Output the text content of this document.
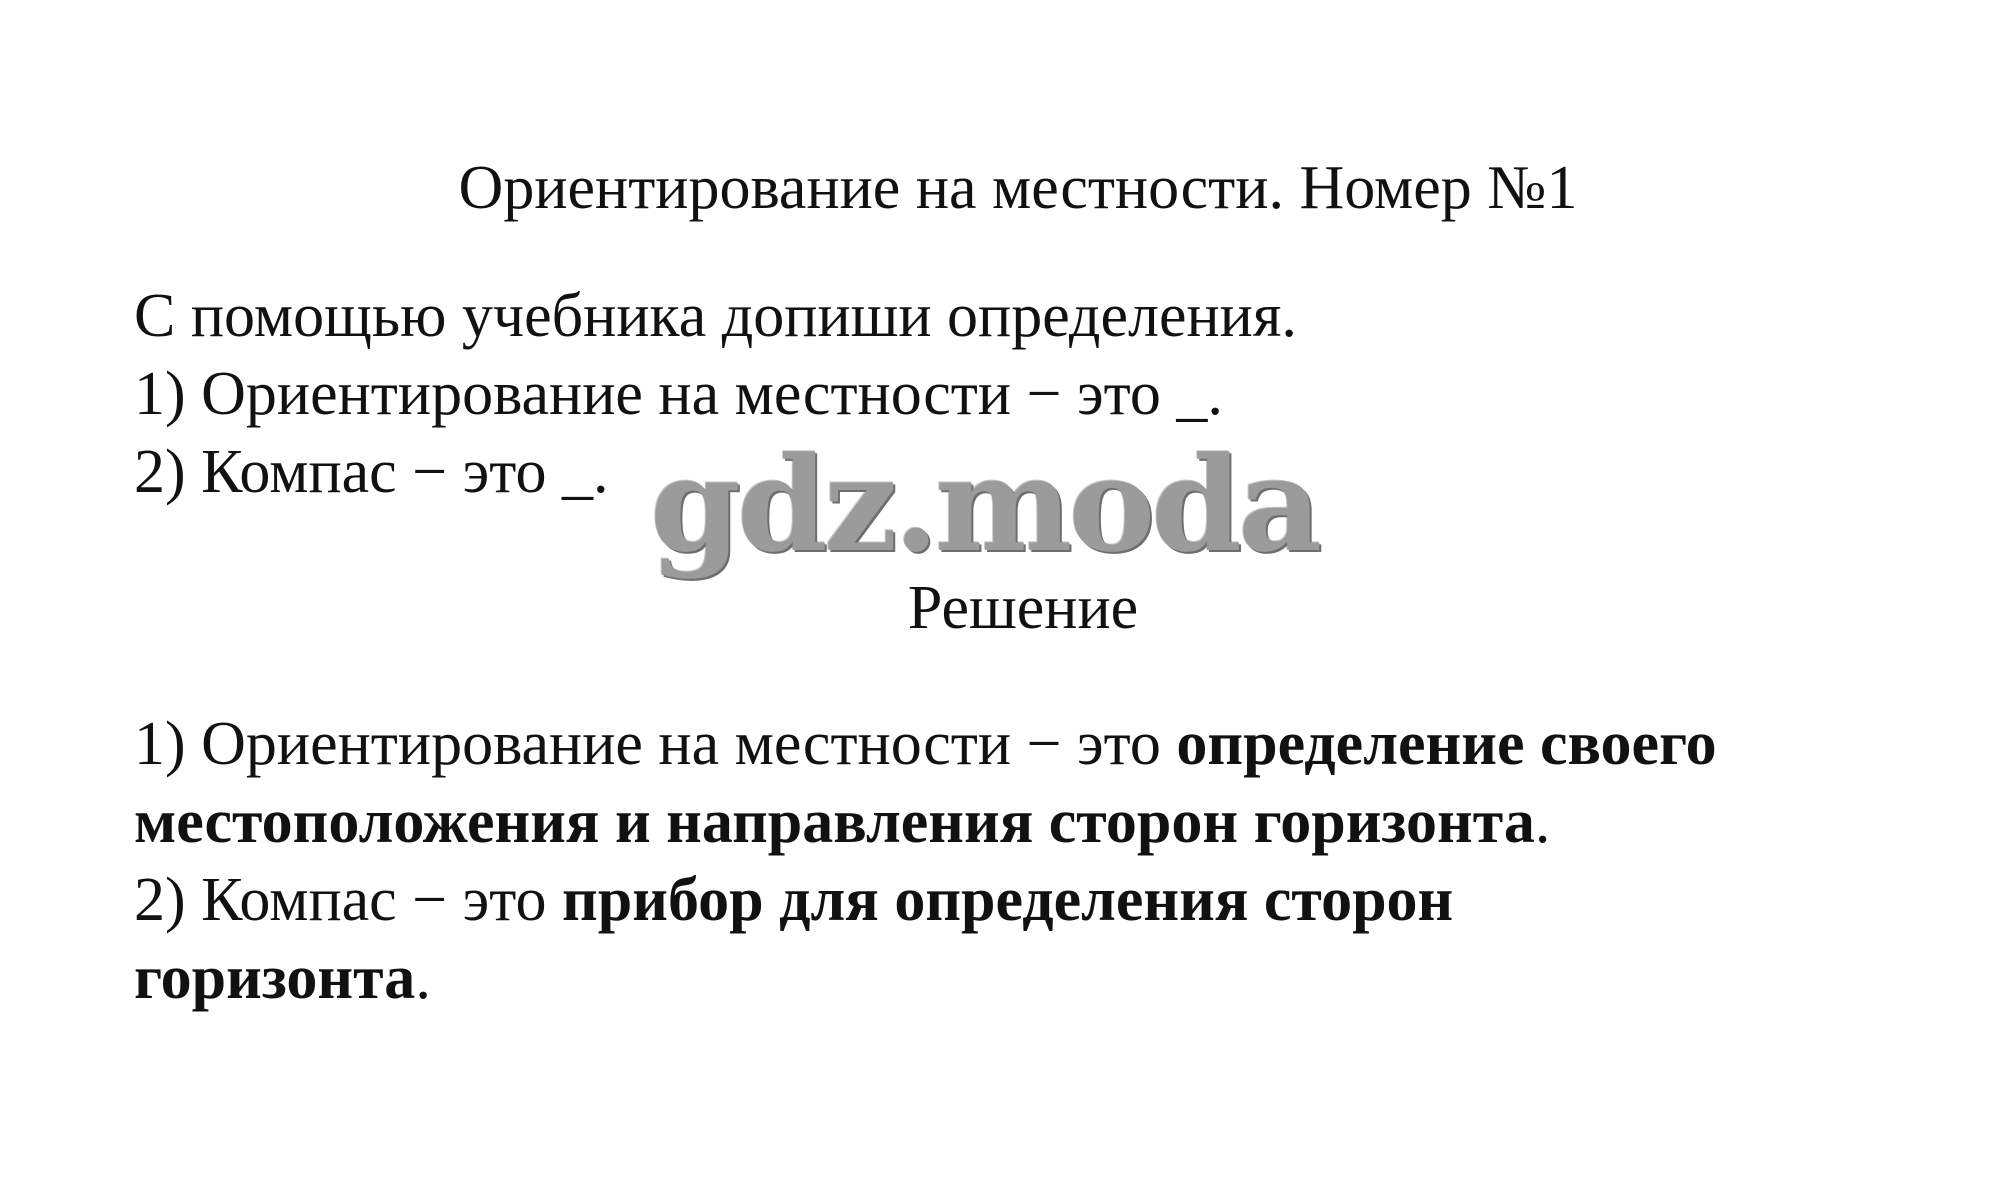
Ориентирование на местности. Номер №1
С помощью учебника допиши определения.
1) Ориентирование на местности − это _.
2) Компас − это _. gdz.moda
Решение
1) Ориентирование на местности − это определение своего
местоположения и направления сторон горизонта.
2) Компас − это прибор для определения сторон
горизонта.
